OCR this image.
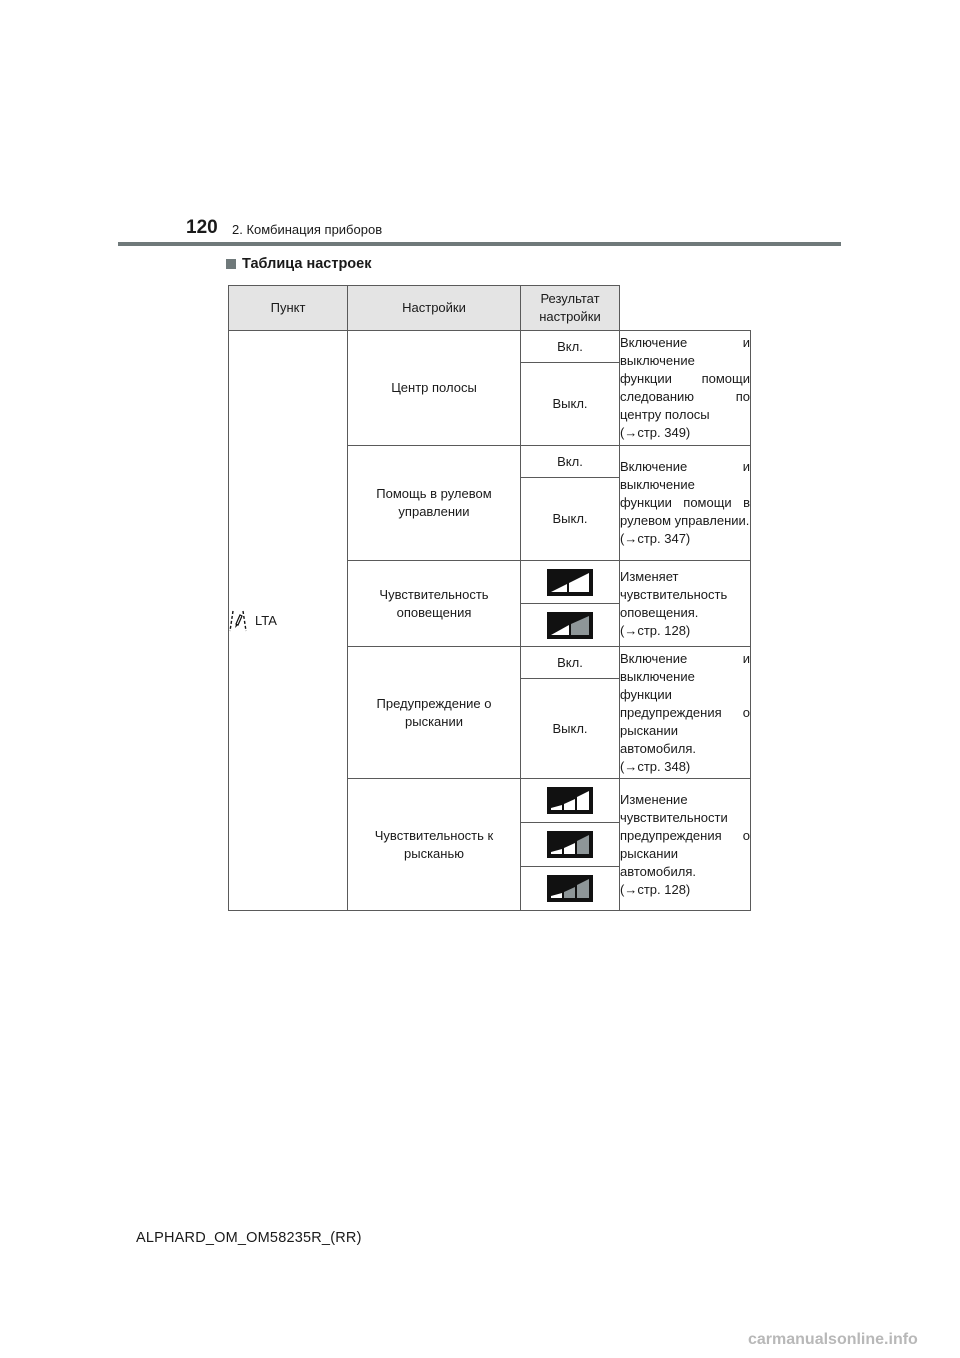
120 2. Комбинация приборов
Таблица настроек
Пункт	Настройки	Результат настройки	

LTA	Центр полосы	Вкл.	Включение и выключение функции помощи следованию по центру полосы
(→стр. 349)

		Выкл.	
	Помощь в рулевом управлении	Вкл.	Включение и выключение функции помощи в рулевом управлении.
(→стр. 347)

		Выкл.	
	Чувствительность оповещения		Изменяет чувствительность оповещения.
(→стр. 128)

	Предупреждение о рыскании	Вкл.	Включение и выключение функции предупреждения о рыскании автомобиля.
(→стр. 348)

		Выкл.	
	Чувствительность к рысканью		Изменение чувствительности предупреждения о рыскании автомобиля.
(→стр. 128)

ALPHARD_OM_OM58235R_(RR)
carmanualsonline.info
